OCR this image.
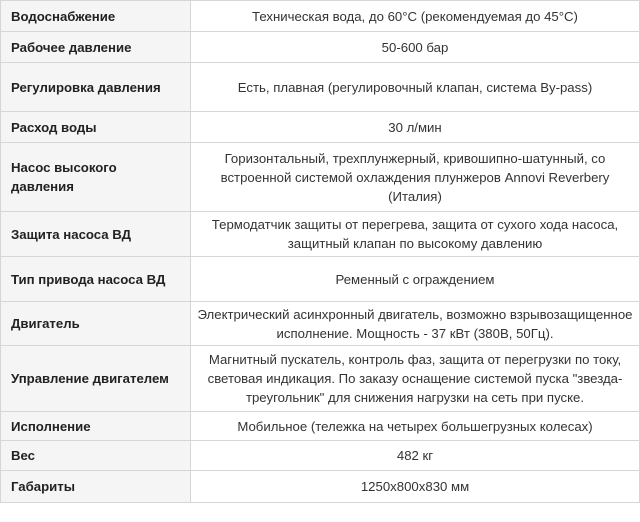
Водоснабжение	Техническая вода, до 60°С (рекомендуемая до 45°С)
Рабочее давление	50-600 бар
Регулировка давления	Есть, плавная (регулировочный клапан, система By-pass)
Расход воды	30 л/мин
Насос высокого давления	Горизонтальный, трехплунжерный, кривошипно-шатунный, со встроенной системой охлаждения плунжеров Annovi Reverbery (Италия)
Защита насоса ВД	Термодатчик защиты от перегрева, защита от сухого хода насоса, защитный клапан по высокому давлению
Тип привода насоса ВД	Ременный с ограждением
Двигатель	Электрический асинхронный двигатель, возможно взрывозащищенное исполнение. Мощность - 37 кВт (380В, 50Гц).
Управление двигателем	Магнитный пускатель, контроль фаз, защита от перегрузки по току, световая индикация. По заказу оснащение системой пуска "звезда-треугольник" для снижения нагрузки на сеть при пуске.
Исполнение	Мобильное (тележка на четырех большегрузных колесах)
Вес	482 кг
Габариты	1250х800х830 мм
